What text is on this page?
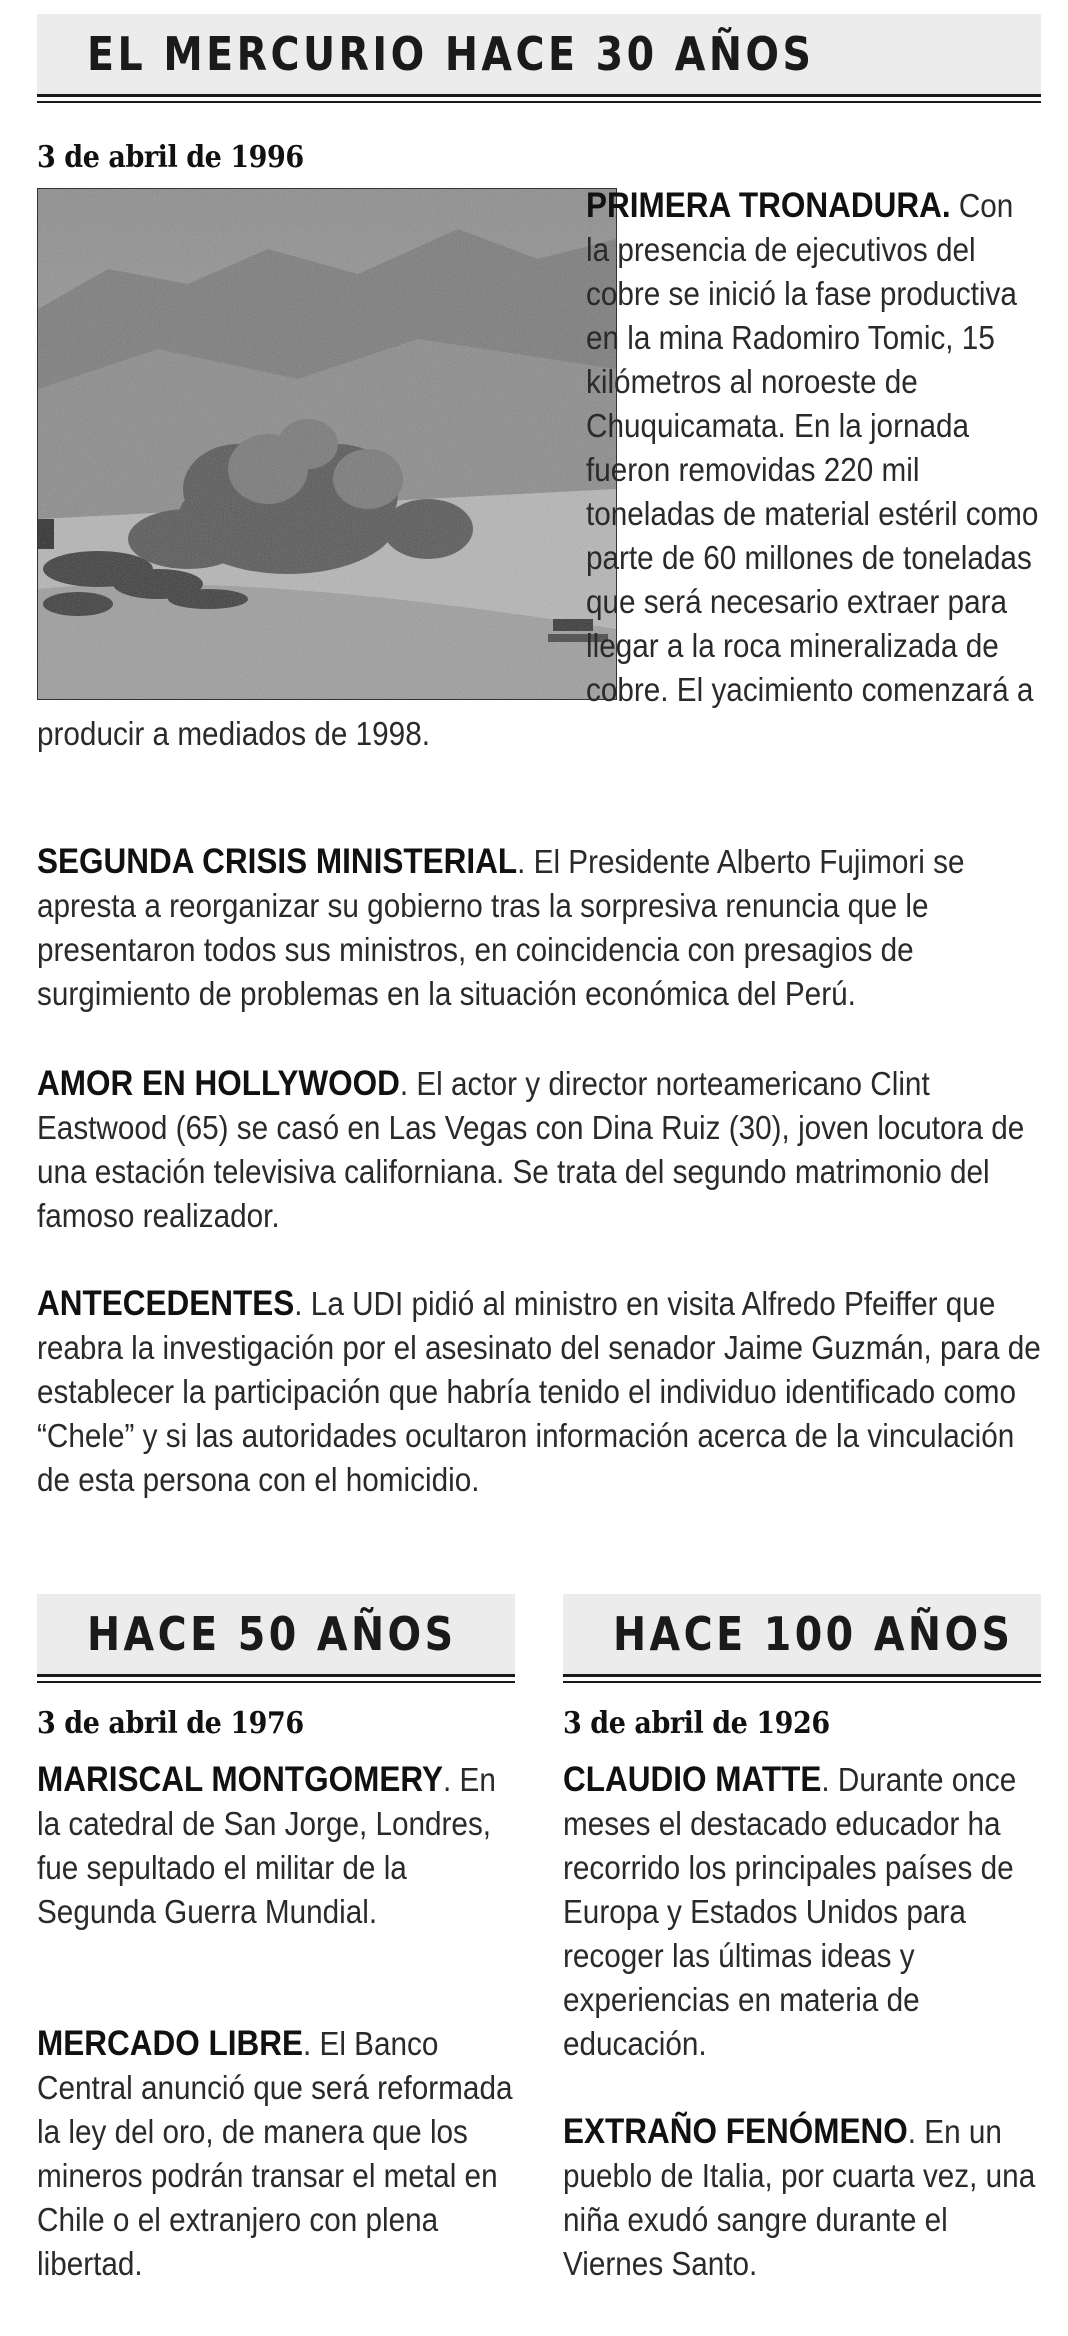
EL MERCURIO HACE 30 AÑOS
3 de abril de 1996

PRIMERA TRONADURA. Con la presencia de ejecutivos del cobre se inició la fase productiva en la mina Radomiro Tomic, 15 kilómetros al noroeste de Chuquicamata. En la jornada fueron removidas 220 mil toneladas de material estéril como parte de 60 millones de toneladas que será necesario extraer para llegar a la roca mineralizada de cobre. El yacimiento comenzará a producir a mediados de 1998.

SEGUNDA CRISIS MINISTERIAL. El Presidente Alberto Fujimori se apresta a reorganizar su gobierno tras la sorpresiva renuncia que le presentaron todos sus ministros, en coincidencia con presagios de surgimiento de problemas en la situación económica del Perú.

AMOR EN HOLLYWOOD. El actor y director norteamericano Clint Eastwood (65) se casó en Las Vegas con Dina Ruiz (30), joven locutora de una estación televisiva californiana. Se trata del segundo matrimonio del famoso realizador.

ANTECEDENTES. La UDI pidió al ministro en visita Alfredo Pfeiffer que reabra la investigación por el asesinato del senador Jaime Guzmán, para de establecer la participación que habría tenido el individuo identificado como “Chele” y si las autoridades ocultaron información acerca de la vinculación de esta persona con el homicidio.

HACE 50 AÑOS
3 de abril de 1976

MARISCAL MONTGOMERY. En la catedral de San Jorge, Londres, fue sepultado el militar de la Segunda Guerra Mundial.

MERCADO LIBRE. El Banco Central anunció que será reformada la ley del oro, de manera que los mineros podrán transar el metal en Chile o el extranjero con plena libertad.

HACE 100 AÑOS
3 de abril de 1926

CLAUDIO MATTE. Durante once meses el destacado educador ha recorrido los principales países de Europa y Estados Unidos para recoger las últimas ideas y experiencias en materia de educación.

EXTRAÑO FENÓMENO. En un pueblo de Italia, por cuarta vez, una niña exudó sangre durante el Viernes Santo.
